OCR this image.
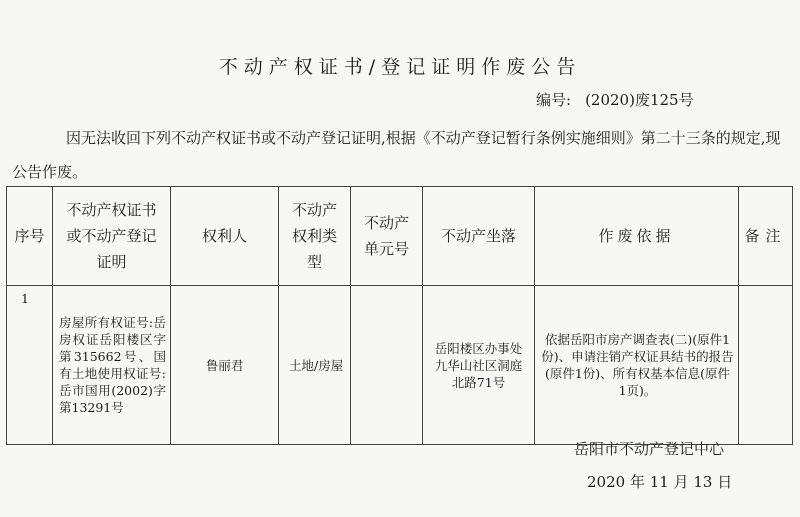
不动产权证书/登记证明作废公告
编号: (2020)废125号
因无法收回下列不动产权证书或不动产登记证明,根据《不动产登记暂行条例实施细则》第二十三条的规定,现公告作废。
序号	不动产权证书或不动产登记证明	权利人	不动产权利类型	不动产单元号	不动产坐落	作废依据	备注
1	房屋所有权证号:岳房权证岳阳楼区字第315662号、国有土地使用权证号:岳市国用(2002)字第13291号	鲁丽君	土地/房屋		岳阳楼区办事处九华山社区洞庭北路71号	依据岳阳市房产调查表(二)(原件1份)、申请注销产权证具结书的报告(原件1份)、所有权基本信息(原件1页)。	
岳阳市不动产登记中心
2020 年 11 月 13 日
